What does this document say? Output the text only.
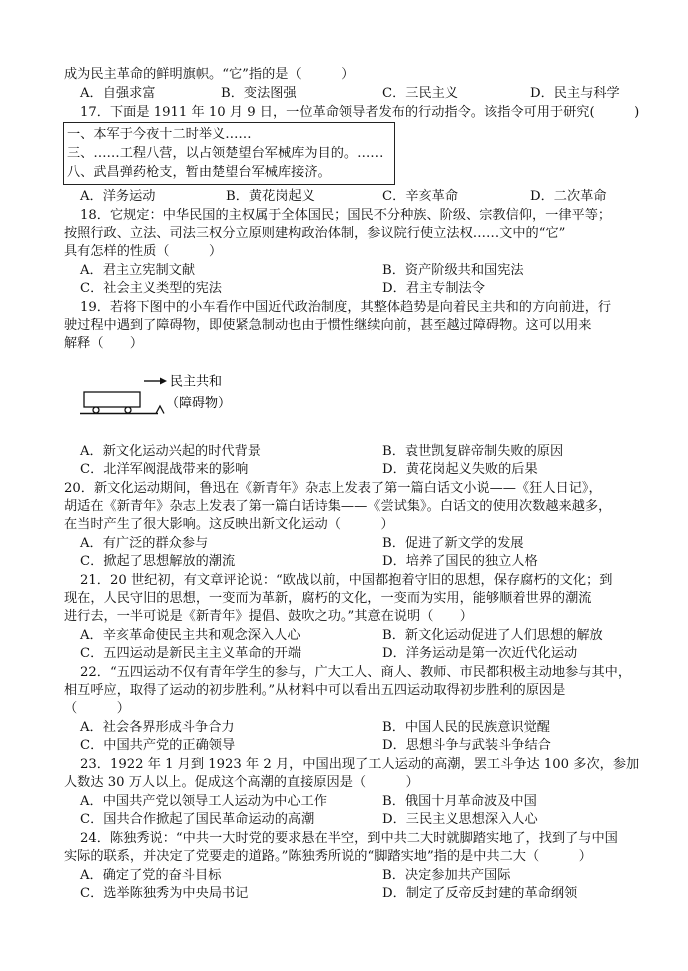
成为民主革命的鲜明旗帜。“它”指的是（　　　）
A．自强求富	B．变法图强	C．三民主义	D．民主与科学
17．下面是 1911 年 10 月 9 日，一位革命领导者发布的行动指令。该指令可用于研究(　　　)
一、本军于今夜十二时举义……
三、……工程八营，以占领楚望台军械库为目的。……
八、武昌弹药枪支，暂由楚望台军械库接济。
A．洋务运动	B．黄花岗起义	C．辛亥革命	D．二次革命
18．它规定：中华民国的主权属于全体国民；国民不分种族、阶级、宗教信仰，一律平等；
按照行政、立法、司法三权分立原则建构政治体制，参议院行使立法权……文中的“它”
具有怎样的性质（　　　）
A．君主立宪制文献	B．资产阶级共和国宪法
C．社会主义类型的宪法	D．君主专制法令
19．若将下图中的小车看作中国近代政治制度，其整体趋势是向着民主共和的方向前进，行
驶过程中遇到了障碍物，即使紧急制动也由于惯性继续向前，甚至越过障碍物。这可以用来
解释（　　）
民主共和
（障碍物）
A．新文化运动兴起的时代背景	B．袁世凯复辟帝制失败的原因
C．北洋军阀混战带来的影响	D．黄花岗起义失败的后果
20．新文化运动期间，鲁迅在《新青年》杂志上发表了第一篇白话文小说——《狂人日记》，
胡适在《新青年》杂志上发表了第一篇白话诗集——《尝试集》。白话文的使用次数越来越多，
在当时产生了很大影响。这反映出新文化运动（　　　）
A．有广泛的群众参与	B．促进了新文学的发展
C．掀起了思想解放的潮流	D．培养了国民的独立人格
21．20 世纪初，有文章评论说：“欧战以前，中国都抱着守旧的思想，保存腐朽的文化；到
现在，人民守旧的思想，一变而为革新，腐朽的文化，一变而为实用，能够顺着世界的潮流
进行去，一半可说是《新青年》提倡、鼓吹之功。”其意在说明（　　）
A．辛亥革命使民主共和观念深入人心	B．新文化运动促进了人们思想的解放
C．五四运动是新民主主义革命的开端	D．洋务运动是第一次近代化运动
22．“五四运动不仅有青年学生的参与，广大工人、商人、教师、市民都积极主动地参与其中，
相互呼应，取得了运动的初步胜利。”从材料中可以看出五四运动取得初步胜利的原因是
（　　　）
A．社会各界形成斗争合力	B．中国人民的民族意识觉醒
C．中国共产党的正确领导	D．思想斗争与武装斗争结合
23．1922 年 1 月到 1923 年 2 月，中国出现了工人运动的高潮，罢工斗争达 100 多次，参加
人数达 30 万人以上。促成这个高潮的直接原因是（　　　）
A．中国共产党以领导工人运动为中心工作	B．俄国十月革命波及中国
C．国共合作掀起了国民革命运动的高潮	D．三民主义思想深入人心
24．陈独秀说：“中共一大时党的要求悬在半空，到中共二大时就脚踏实地了，找到了与中国
实际的联系，并决定了党要走的道路。”陈独秀所说的“脚踏实地”指的是中共二大（　　　）
A．确定了党的奋斗目标	B．决定参加共产国际
C．选举陈独秀为中央局书记	D．制定了反帝反封建的革命纲领
